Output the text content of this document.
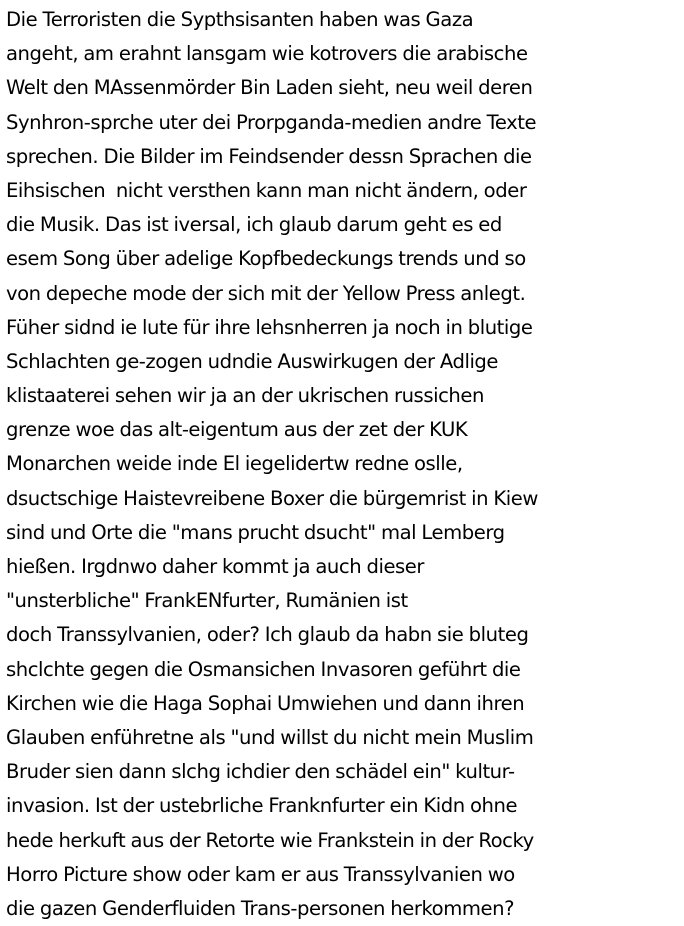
Die Terroristen die Sypthsisanten haben was Gaza
angeht, am erahnt lansgam wie kotrovers die arabische
Welt den MAssenmörder Bin Laden sieht, neu weil deren
Synhron-sprche uter dei Prorpganda-medien andre Texte
sprechen. Die Bilder im Feindsender dessn Sprachen die
Eihsischen  nicht versthen kann man nicht ändern, oder
die Musik. Das ist iversal, ich glaub darum geht es ed
esem Song über adelige Kopfbedeckungs trends und so
von depeche mode der sich mit der Yellow Press anlegt.
Füher sidnd ie lute für ihre lehsnherren ja noch in blutige
Schlachten ge-zogen udndie Auswirkugen der Adlige
klistaaterei sehen wir ja an der ukrischen russichen
grenze woe das alt-eigentum aus der zet der KUK
Monarchen weide inde El iegelidertw redne oslle,
dsuctschige Haistevreibene Boxer die bürgemrist in Kiew
sind und Orte die "mans prucht dsucht" mal Lemberg
hießen. Irgdnwo daher kommt ja auch dieser
"unsterbliche" FrankENfurter, Rumänien ist
doch Transsylvanien, oder? Ich glaub da habn sie bluteg
shclchte gegen die Osmansichen Invasoren geführt die
Kirchen wie die Haga Sophai Umwiehen und dann ihren
Glauben enführetne als "und willst du nicht mein Muslim
Bruder sien dann slchg ichdier den schädel ein" kultur-
invasion. Ist der ustebrliche Franknfurter ein Kidn ohne
hede herkuft aus der Retorte wie Frankstein in der Rocky
Horro Picture show oder kam er aus Transsylvanien wo
die gazen Genderfluiden Trans-personen herkommen?
